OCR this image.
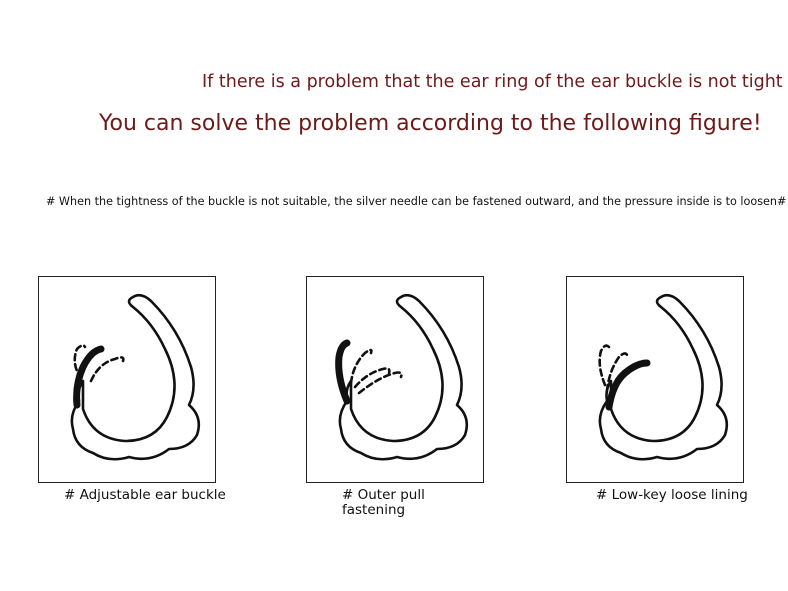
If there is a problem that the ear ring of the ear buckle is not tight
You can solve the problem according to the following figure!
# When the tightness of the buckle is not suitable, the silver needle can be fastened outward, and the pressure inside is to loosen#
# Adjustable ear buckle	# Outer pull fastening
# Low-key loose lining
